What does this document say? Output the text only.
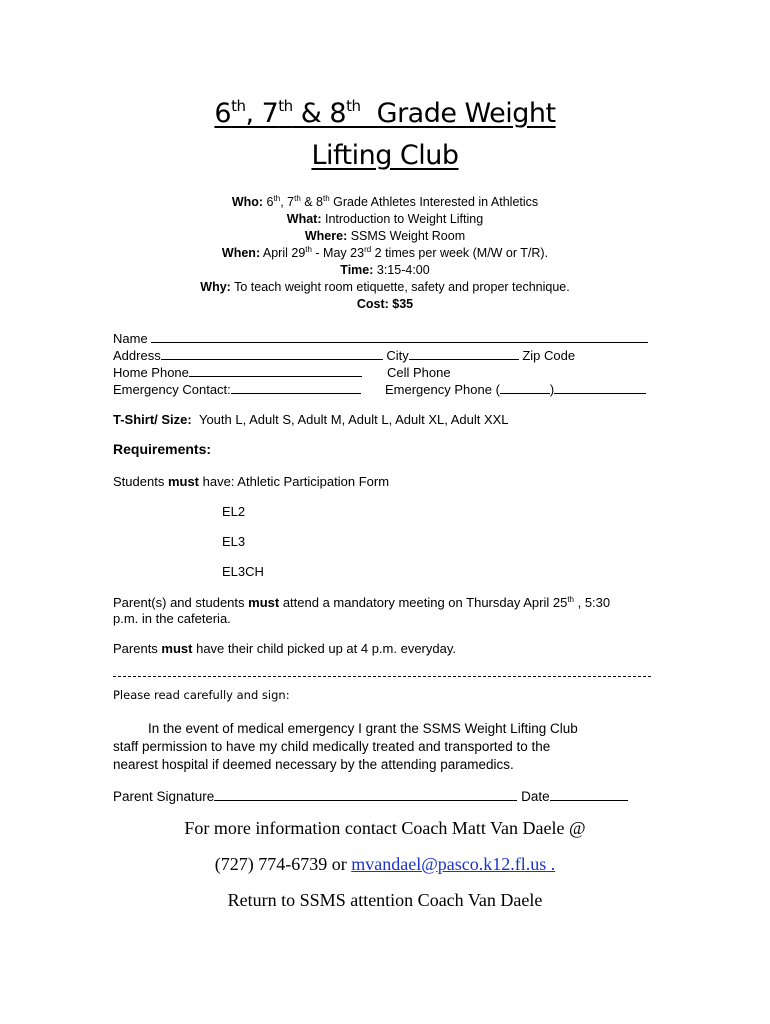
6th, 7th & 8th  Grade Weight
Lifting Club
Who: 6th, 7th & 8th Grade Athletes Interested in Athletics
What: Introduction to Weight Lifting
Where: SSMS Weight Room
When: April 29th - May 23rd 2 times per week (M/W or T/R).
Time: 3:15-4:00
Why: To teach weight room etiquette, safety and proper technique.
Cost: $35
Name
Address	City	Zip Code
Home Phone	Cell Phone
Emergency Contact:	Emergency Phone (	)
T-Shirt/ Size: Youth L, Adult S, Adult M, Adult L, Adult XL, Adult XXL
Requirements:
Students must have: Athletic Participation Form
EL2
EL3
EL3CH
Parent(s) and students must attend a mandatory meeting on Thursday April 25th , 5:30
p.m. in the cafeteria.
Parents must have their child picked up at 4 p.m. everyday.
Please read carefully and sign:
In the event of medical emergency I grant the SSMS Weight Lifting Club
staff permission to have my child medically treated and transported to the
nearest hospital if deemed necessary by the attending paramedics.
Parent Signature	Date
For more information contact Coach Matt Van Daele @
(727) 774-6739 or mvandael@pasco.k12.fl.us .
Return to SSMS attention Coach Van Daele
